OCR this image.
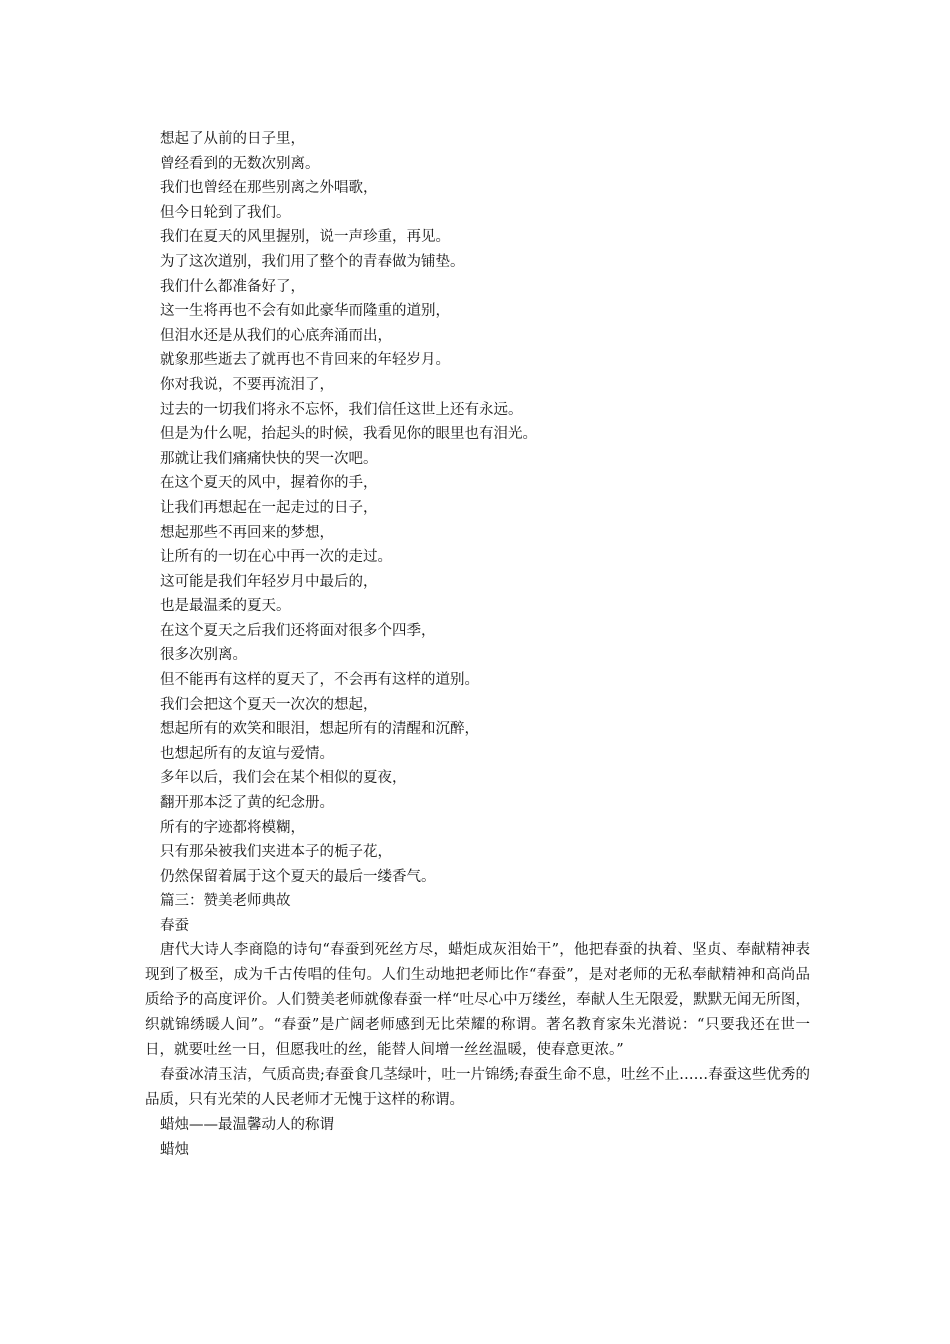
想起了从前的日子里，
曾经看到的无数次别离。
我们也曾经在那些别离之外唱歌，
但今日轮到了我们。
我们在夏天的风里握别，说一声珍重，再见。
为了这次道别，我们用了整个的青春做为铺垫。
我们什么都准备好了，
这一生将再也不会有如此豪华而隆重的道别，
但泪水还是从我们的心底奔涌而出，
就象那些逝去了就再也不肯回来的年轻岁月。
你对我说，不要再流泪了，
过去的一切我们将永不忘怀，我们信任这世上还有永远。
但是为什么呢，抬起头的时候，我看见你的眼里也有泪光。
那就让我们痛痛快快的哭一次吧。
在这个夏天的风中，握着你的手，
让我们再想起在一起走过的日子，
想起那些不再回来的梦想，
让所有的一切在心中再一次的走过。
这可能是我们年轻岁月中最后的，
也是最温柔的夏天。
在这个夏天之后我们还将面对很多个四季，
很多次别离。
但不能再有这样的夏天了，不会再有这样的道别。
我们会把这个夏天一次次的想起，
想起所有的欢笑和眼泪，想起所有的清醒和沉醉，
也想起所有的友谊与爱情。
多年以后，我们会在某个相似的夏夜，
翻开那本泛了黄的纪念册。
所有的字迹都将模糊，
只有那朵被我们夹进本子的栀子花，
仍然保留着属于这个夏天的最后一缕香气。
篇三：赞美老师典故
春蚕

唐代大诗人李商隐的诗句“春蚕到死丝方尽，蜡炬成灰泪始干”，他把春蚕的执着、坚贞、奉献精神表现到了极至，成为千古传唱的佳句。人们生动地把老师比作“春蚕”，是对老师的无私奉献精神和高尚品质给予的高度评价。人们赞美老师就像春蚕一样“吐尽心中万缕丝，奉献人生无限爱，默默无闻无所图，织就锦绣暖人间”。“春蚕”是广阔老师感到无比荣耀的称谓。著名教育家朱光潜说：“只要我还在世一日，就要吐丝一日，但愿我吐的丝，能替人间增一丝丝温暖，使春意更浓。”

春蚕冰清玉洁，气质高贵;春蚕食几茎绿叶，吐一片锦绣;春蚕生命不息，吐丝不止……春蚕这些优秀的品质，只有光荣的人民老师才无愧于这样的称谓。

蜡烛——最温馨动人的称谓
蜡烛
